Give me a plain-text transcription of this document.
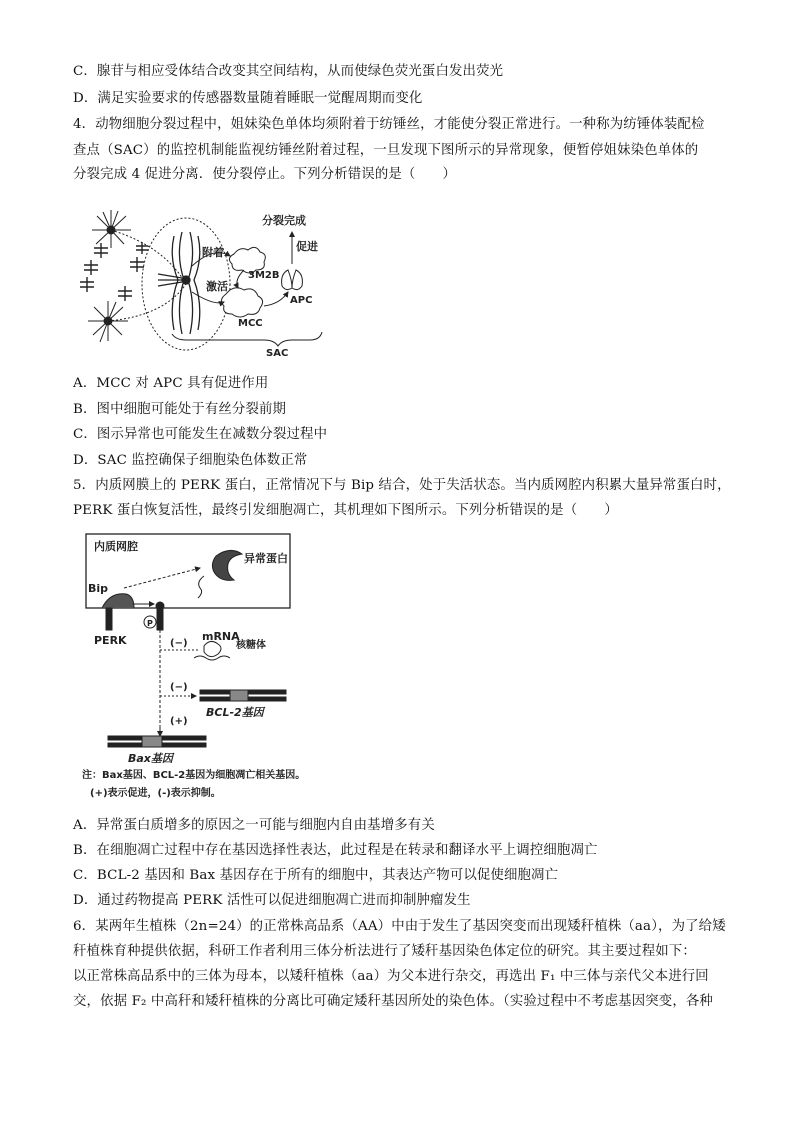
C．腺苷与相应受体结合改变其空间结构，从而使绿色荧光蛋白发出荧光
D．满足实验要求的传感器数量随着睡眠一觉醒周期而变化
4．动物细胞分裂过程中，姐妹染色单体均须附着于纺锤丝，才能使分裂正常进行。一种称为纺锤体装配检
查点（SAC）的监控机制能监视纺锤丝附着过程，一旦发现下图所示的异常现象，便暂停姐妹染色单体的
分裂完成 4 促进分离．使分裂停止。下列分析错误的是（　　）
分裂完成
促进
附着
3M2B
激活
APC
MCC
SAC
A．MCC 对 APC 具有促进作用
B．图中细胞可能处于有丝分裂前期
C．图示异常也可能发生在减数分裂过程中
D．SAC 监控确保子细胞染色体数正常
5．内质网膜上的 PERK 蛋白，正常情况下与 Bip 结合，处于失活状态。当内质网腔内积累大量异常蛋白时，
PERK 蛋白恢复活性，最终引发细胞凋亡，其机理如下图所示。下列分析错误的是（　　）
内质网腔
异常蛋白
Bip
PERK
P
(−)
mRNA
核糖体
(−)
(+)
BCL-2基因
Bax基因
注：Bax基因、BCL-2基因为细胞凋亡相关基因。
(+)表示促进，(-)表示抑制。
A．异常蛋白质增多的原因之一可能与细胞内自由基增多有关
B．在细胞凋亡过程中存在基因选择性表达，此过程是在转录和翻译水平上调控细胞凋亡
C．BCL-2 基因和 Bax 基因存在于所有的细胞中，其表达产物可以促使细胞凋亡
D．通过药物提高 PERK 活性可以促进细胞凋亡进而抑制肿瘤发生
6．某两年生植株（2n=24）的正常株高品系（AA）中由于发生了基因突变而出现矮秆植株（aa），为了给矮
秆植株育种提供依据，科研工作者利用三体分析法进行了矮秆基因染色体定位的研究。其主要过程如下：
以正常株高品系中的三体为母本，以矮秆植株（aa）为父本进行杂交，再选出 F₁ 中三体与亲代父本进行回
交，依据 F₂ 中高秆和矮秆植株的分离比可确定矮秆基因所处的染色体。（实验过程中不考虑基因突变，各种
